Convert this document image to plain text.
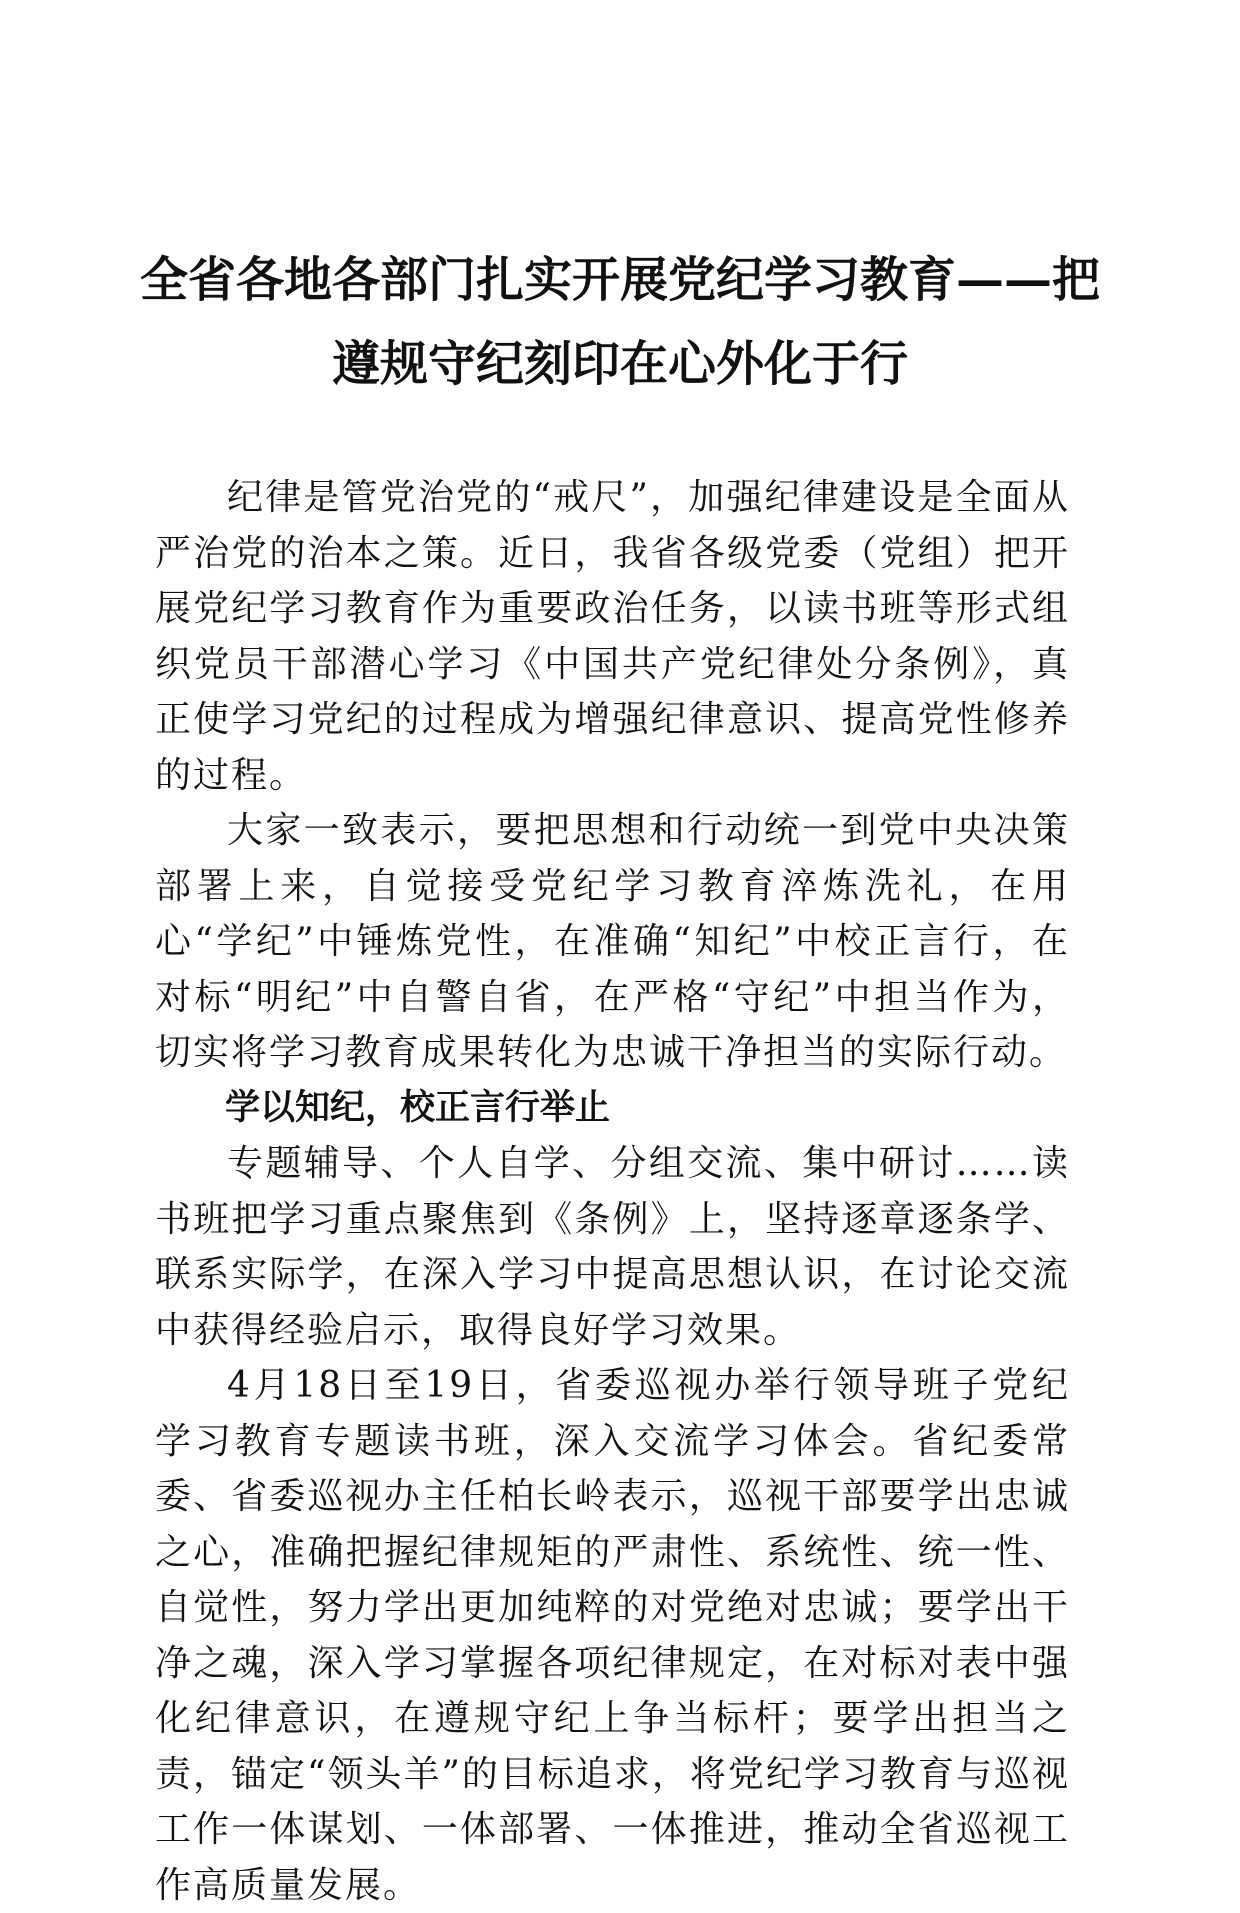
全省各地各部门扎实开展党纪学习教育——把遵规守纪刻印在心外化于行

纪律是管党治党的“戒尺”，加强纪律建设是全面从严治党的治本之策。近日，我省各级党委（党组）把开展党纪学习教育作为重要政治任务，以读书班等形式组织党员干部潜心学习《中国共产党纪律处分条例》，真正使学习党纪的过程成为增强纪律意识、提高党性修养的过程。

大家一致表示，要把思想和行动统一到党中央决策部署上来，自觉接受党纪学习教育淬炼洗礼，在用心“学纪”中锤炼党性，在准确“知纪”中校正言行，在对标“明纪”中自警自省，在严格“守纪”中担当作为，切实将学习教育成果转化为忠诚干净担当的实际行动。

学以知纪，校正言行举止

专题辅导、个人自学、分组交流、集中研讨……读书班把学习重点聚焦到《条例》上，坚持逐章逐条学、联系实际学，在深入学习中提高思想认识，在讨论交流中获得经验启示，取得良好学习效果。

4月18日至19日，省委巡视办举行领导班子党纪学习教育专题读书班，深入交流学习体会。省纪委常委、省委巡视办主任柏长岭表示，巡视干部要学出忠诚之心，准确把握纪律规矩的严肃性、系统性、统一性、自觉性，努力学出更加纯粹的对党绝对忠诚；要学出干净之魂，深入学习掌握各项纪律规定，在对标对表中强化纪律意识，在遵规守纪上争当标杆；要学出担当之责，锚定“领头羊”的目标追求，将党纪学习教育与巡视工作一体谋划、一体部署、一体推进，推动全省巡视工作高质量发展。
